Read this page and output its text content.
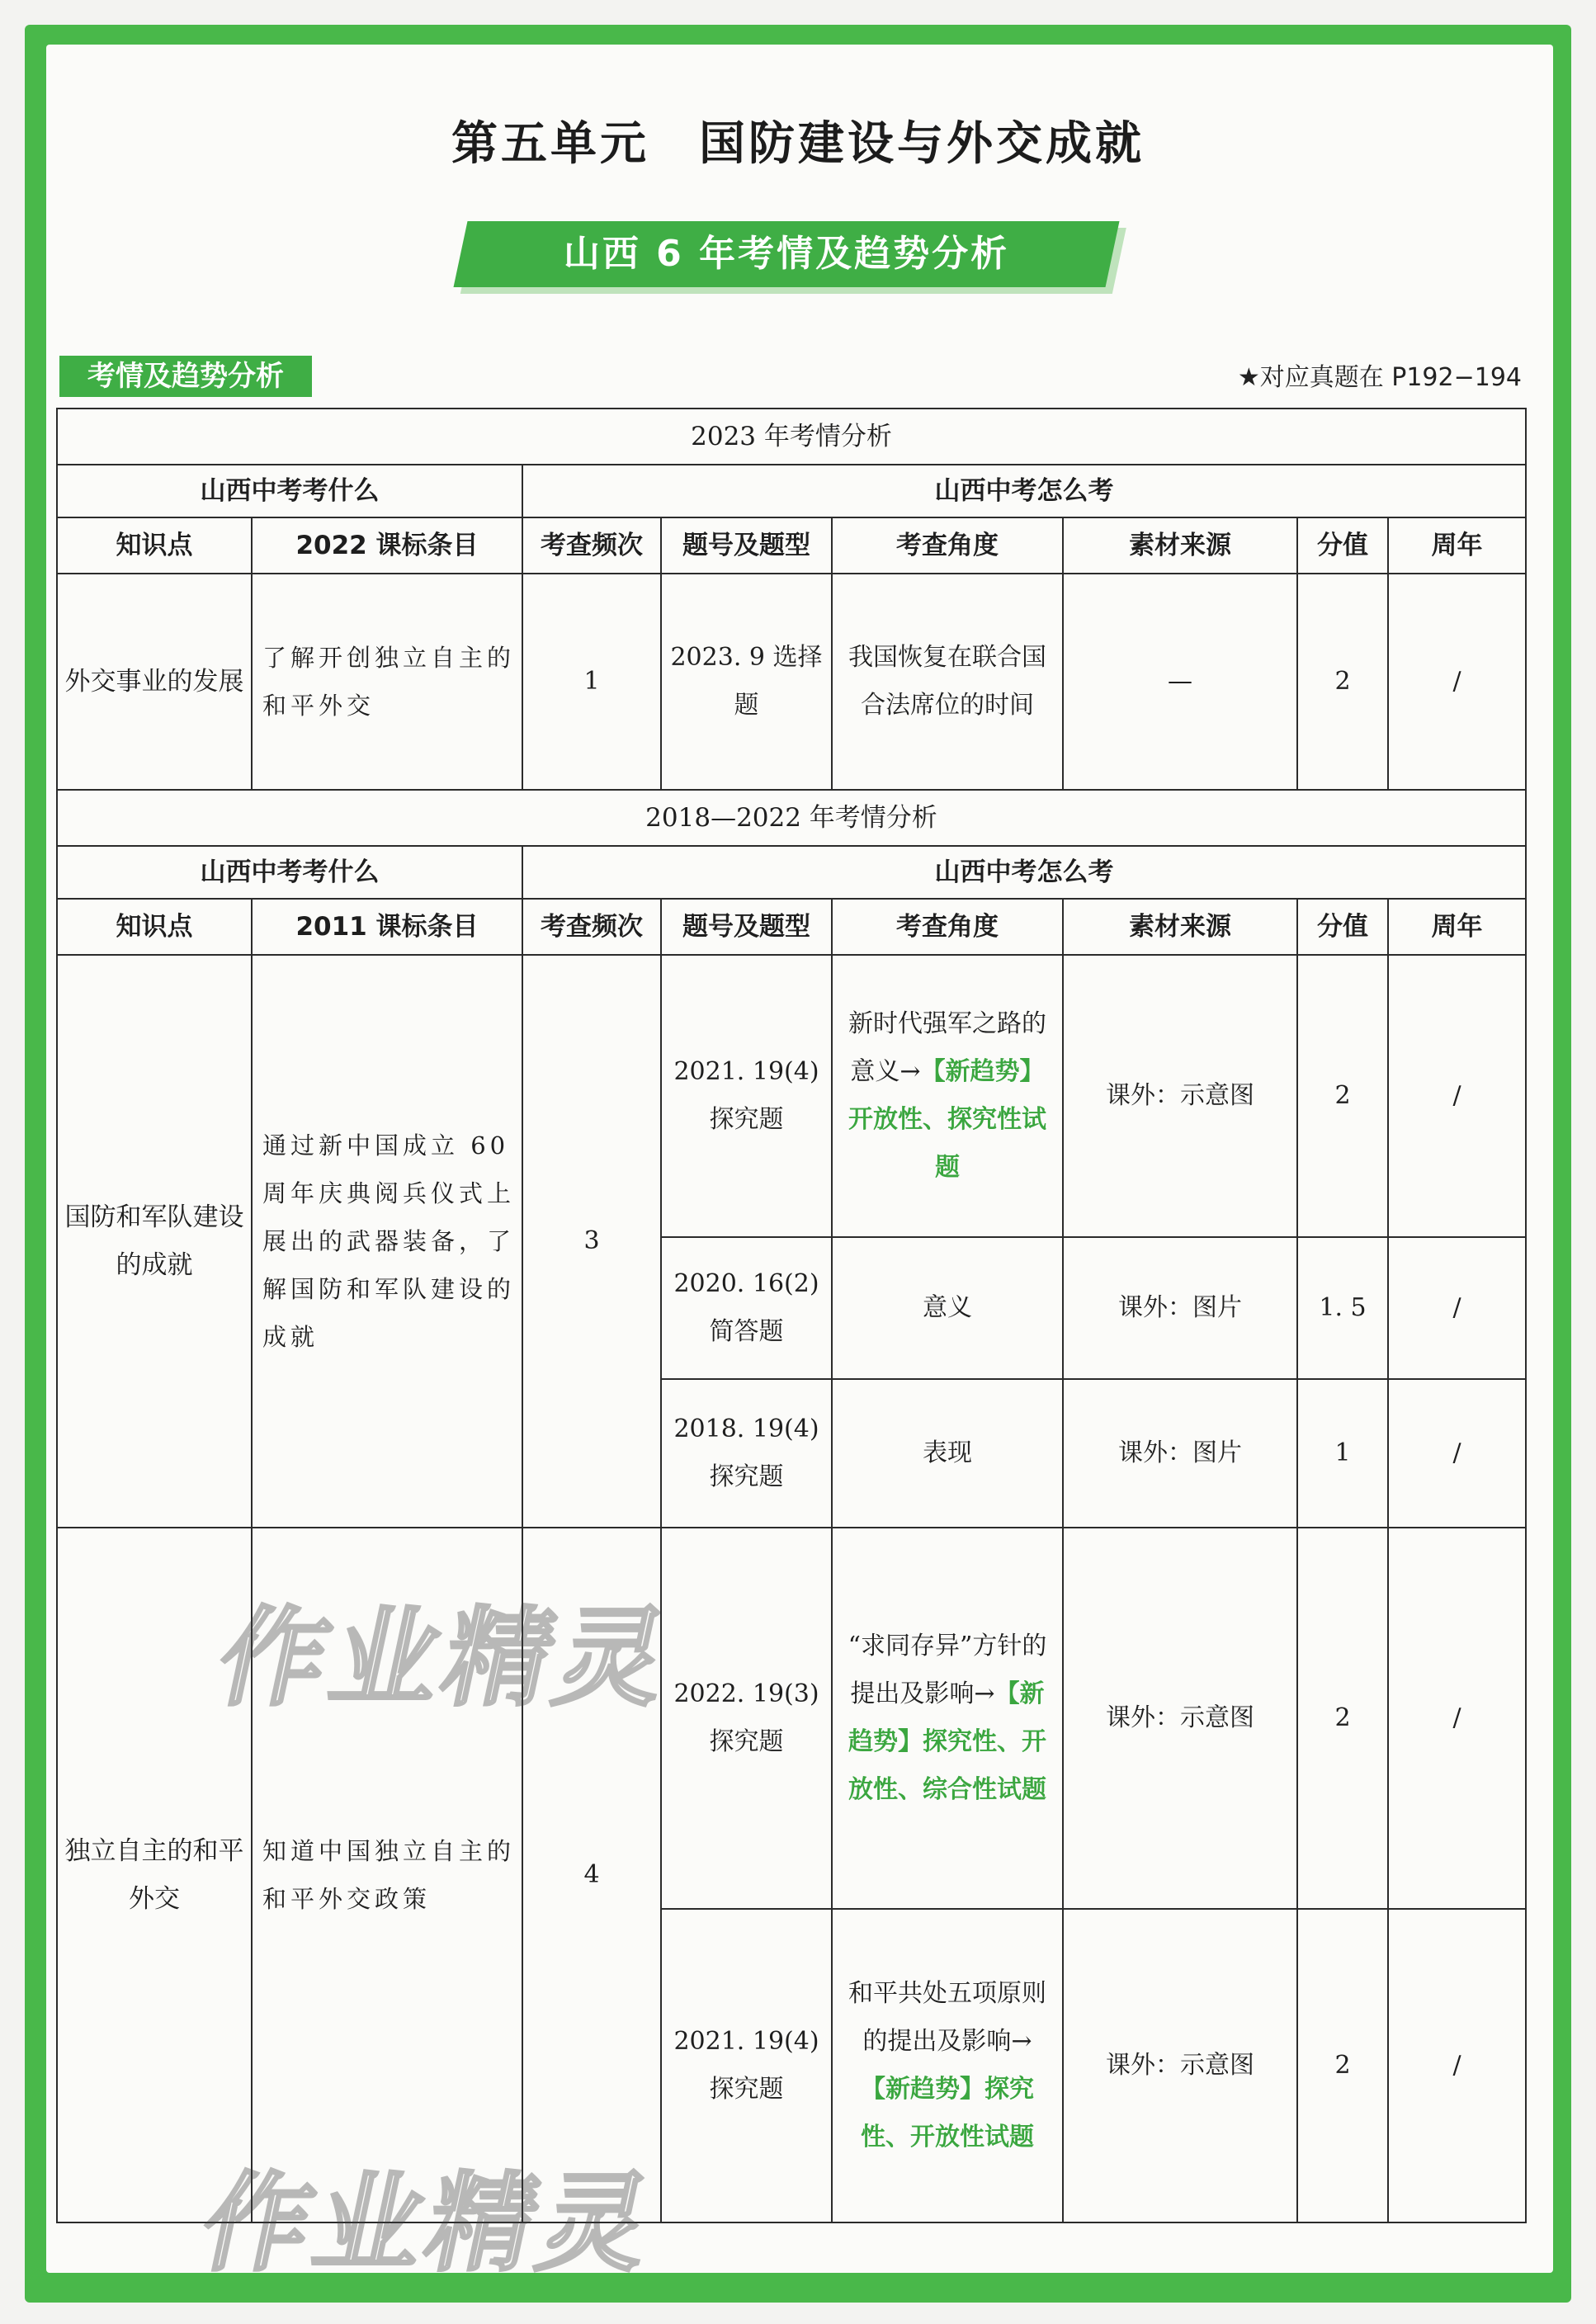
第五单元　国防建设与外交成就
山西 6 年考情及趋势分析
考情及趋势分析	★对应真题在 P192−194
2023 年考情分析							
山西中考考什么		山西中考怎么考					
知识点	2022 课标条目	考查频次	题号及题型	考查角度	素材来源	分值	周年
外交事业的发展	了解开创独立自主的和平外交	1	2023. 9 选择题	我国恢复在联合国合法席位的时间	—	2	/
2018—2022 年考情分析							
山西中考考什么		山西中考怎么考					
知识点	2011 课标条目	考查频次	题号及题型	考查角度	素材来源	分值	周年
国防和军队建设的成就	通过新中国成立 60 周年庆典阅兵仪式上展出的武器装备，了解国防和军队建设的成就	3	2021. 19(4) 探究题	新时代强军之路的意义→【新趋势】开放性、探究性试题	课外：示意图	2	/
			2020. 16(2) 简答题	意义	课外：图片	1. 5	/
			2018. 19(4) 探究题	表现	课外：图片	1	/
独立自主的和平外交	知道中国独立自主的和平外交政策	4	2022. 19(3) 探究题	“求同存异”方针的提出及影响→【新趋势】探究性、开放性、综合性试题	课外：示意图	2	/
			2021. 19(4) 探究题	和平共处五项原则的提出及影响→【新趋势】探究性、开放性试题	课外：示意图	2	/
